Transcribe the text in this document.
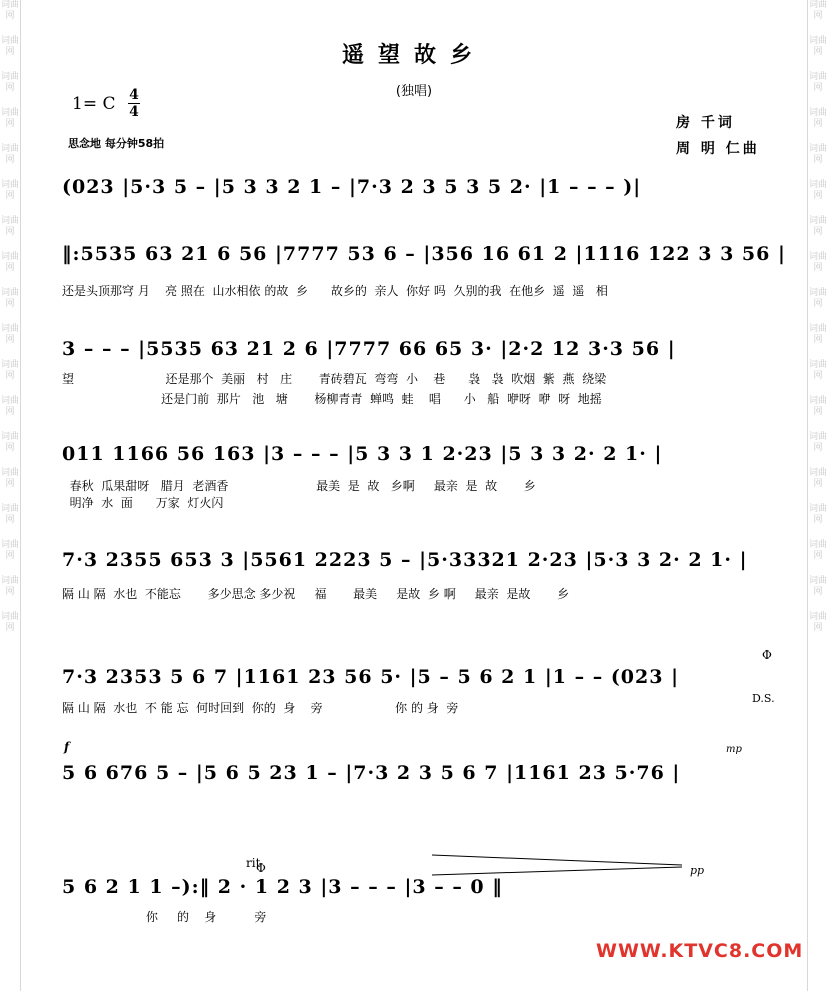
词曲网
词曲网
词曲网
词曲网
词曲网
词曲网
词曲网
词曲网
词曲网
词曲网
词曲网
词曲网
词曲网
词曲网
词曲网
词曲网
词曲网
词曲网
词曲网
词曲网
词曲网
词曲网
词曲网
词曲网
词曲网
词曲网
词曲网
词曲网
词曲网
词曲网
词曲网
词曲网
词曲网
词曲网
词曲网
词曲网
遥望故乡
(独唱)
1= C 4
4
思念地 每分钟58拍
房 千词
周 明 仁曲
(023 |5·3 5 – |5 3 3 2 1 – |7·3 2 3 5 3 5 2· |1 – – – )|
‖:5535 63 21 6 56 |7777 53 6 – |356 16 61 2 |1116 122 3 3 56 |
还是头顶那穹 月    亮 照在  山水相依 的故  乡      故乡的  亲人  你好 吗  久别的我  在他乡  遥  遥   相
3 – – – |5535 63 21 2 6 |7777 66 65 3· |2·2 12 3·3 56 |
望                        还是那个  美丽   村   庄       青砖碧瓦  弯弯  小    巷      袅   袅  吹烟  紫  燕  绕梁
还是门前  那片   池   塘       杨柳青青  蝉鸣  蛙    唱      小   船  咿呀  咿  呀  地摇
011 1166 56 163 |3 – – – |5 3 3 1 2·23 |5 3 3 2· 2 1· |
春秋  瓜果甜呀   腊月  老酒香                       最美  是  故   乡啊     最亲  是  故       乡
明净  水  面      万家  灯火闪
7·3 2355 653 3 |5561 2223 5 – |5·33321 2·23 |5·3 3 2· 2 1· |
隔 山 隔  水也  不能忘       多少思念 多少祝     福       最美     是故  乡 啊     最亲  是故       乡
7·3 2353 5 6 7 |1161 23 56 5· |5 – 5 6 2 1 |1 – – (023 |
隔 山 隔  水也  不 能 忘  何时回到  你的  身    旁                   你 的 身  旁
Φ
D.S.
f	mp
5 6 676 5 – |5 6 5 23 1 – |7·3 2 3 5 6 7 |1161 23 5·76 |
Φ
rit
pp
5 6 2 1 1 –):‖ 2 · 1 2 3 |3 – – – |3 – – 0 ‖
你     的    身          旁
WWW.KTVC8.COM
